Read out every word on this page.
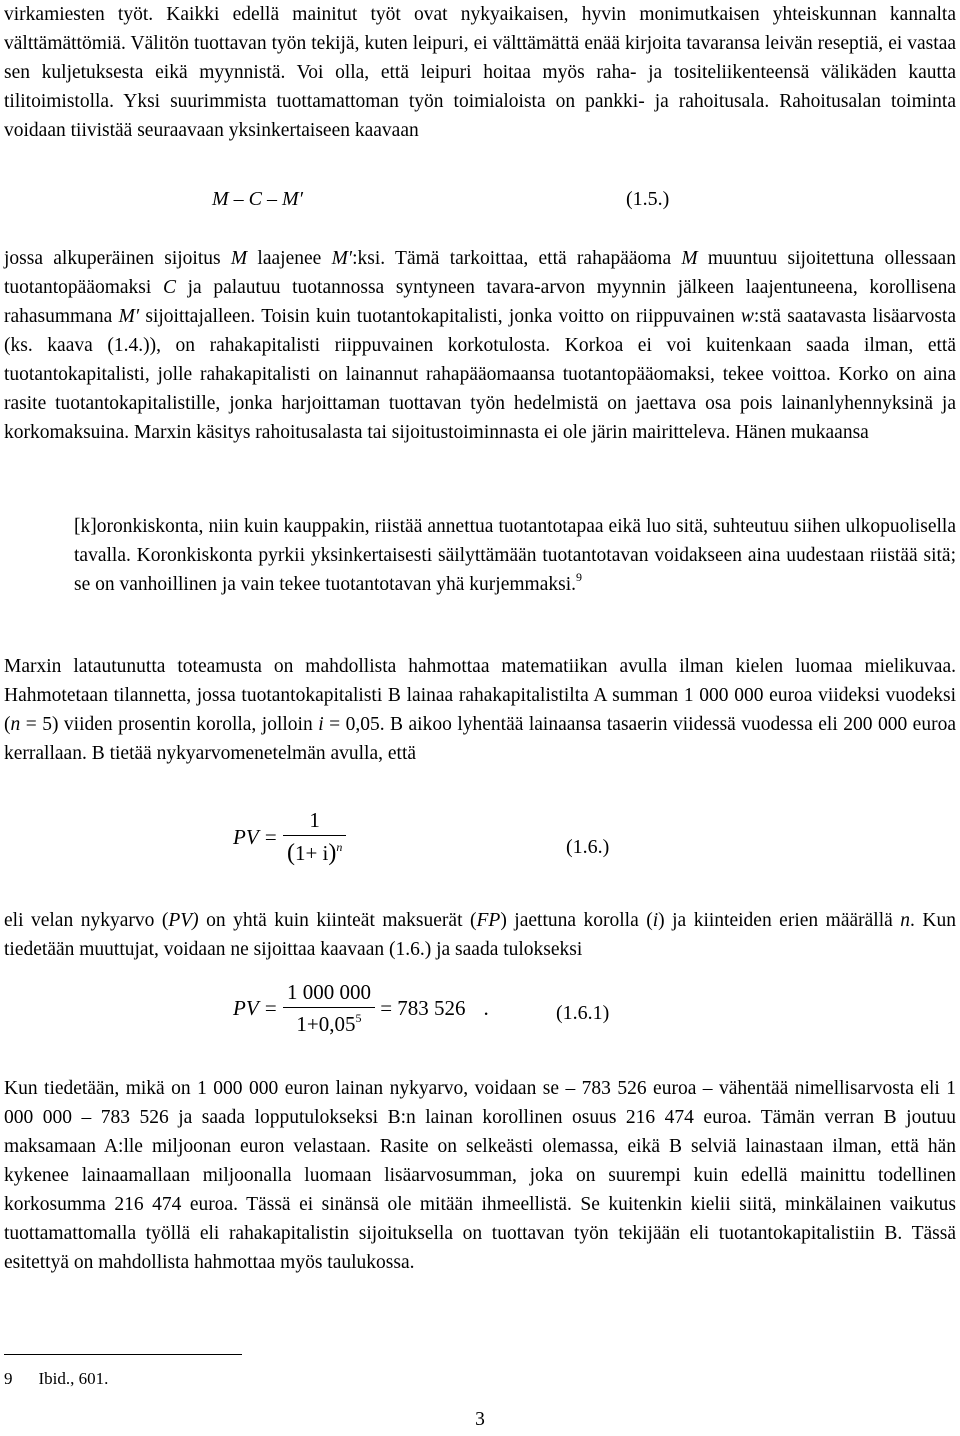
virkamiesten työt. Kaikki edellä mainitut työt ovat nykyaikaisen, hyvin monimutkaisen yhteiskunnan kannalta välttämättömiä. Välitön tuottavan työn tekijä, kuten leipuri, ei välttämättä enää kirjoita tavaransa leivän reseptiä, ei vastaa sen kuljetuksesta eikä myynnistä. Voi olla, että leipuri hoitaa myös raha- ja tositeliikenteensä välikäden kautta tilitoimistolla. Yksi suurimmista tuottamattoman työn toimialoista on pankki- ja rahoitusala. Rahoitusalan toiminta voidaan tiivistää seuraavaan yksinkertaiseen kaavaan

M – C – M′	(1.5.)

jossa alkuperäinen sijoitus M laajenee M′:ksi. Tämä tarkoittaa, että rahapääoma M muuntuu sijoitettuna ollessaan tuotantopääomaksi C ja palautuu tuotannossa syntyneen tavara-arvon myynnin jälkeen laajentuneena, korollisena rahasummana M′ sijoittajalleen. Toisin kuin tuotantokapitalisti, jonka voitto on riippuvainen w:stä saatavasta lisäarvosta (ks. kaava (1.4.)), on rahakapitalisti riippuvainen korkotulosta. Korkoa ei voi kuitenkaan saada ilman, että tuotantokapitalisti, jolle rahakapitalisti on lainannut rahapääomaansa tuotantopääomaksi, tekee voittoa. Korko on aina rasite tuotantokapitalistille, jonka harjoittaman tuottavan työn hedelmistä on jaettava osa pois lainanlyhennyksinä ja korkomaksuina. Marxin käsitys rahoitusalasta tai sijoitustoiminnasta ei ole järin mairitteleva. Hänen mukaansa

[k]oronkiskonta, niin kuin kauppakin, riistää annettua tuotantotapaa eikä luo sitä, suhteutuu siihen ulkopuolisella tavalla. Koronkiskonta pyrkii yksinkertaisesti säilyttämään tuotantotavan voidakseen aina uudestaan riistää sitä; se on vanhoillinen ja vain tekee tuotantotavan yhä kurjemmaksi.$^9$

Marxin latautunutta toteamusta on mahdollista hahmottaa matematiikan avulla ilman kielen luomaa mielikuvaa. Hahmotetaan tilannetta, jossa tuotantokapitalisti B lainaa rahakapitalistilta A summan 1 000 000 euroa viideksi vuodeksi (n = 5) viiden prosentin korolla, jolloin i = 0,05. B aikoo lyhentää lainaansa tasaerin viidessä vuodessa eli 200 000 euroa kerrallaan. B tietää nykyarvomenetelmän avulla, että

PV = $\frac{1}{(1+ i)^n}$	(1.6.)

eli velan nykyarvo (PV) on yhtä kuin kiinteät maksuerät (FP) jaettuna korolla (i) ja kiinteiden erien määrällä n. Kun tiedetään muuttujat, voidaan ne sijoittaa kaavaan (1.6.) ja saada tulokseksi

PV = $\frac{1 000 000}{1+0,05^5} = 783$ 526 .	(1.6.1)

Kun tiedetään, mikä on 1 000 000 euron lainan nykyarvo, voidaan se – 783 526 euroa – vähentää nimellisarvosta eli 1 000 000 – 783 526 ja saada lopputulokseksi B:n lainan korollinen osuus 216 474 euroa. Tämän verran B joutuu maksamaan A:lle miljoonan euron velastaan. Rasite on selkeästi olemassa, eikä B selviä lainastaan ilman, että hän kykenee lainaamallaan miljoonalla luomaan lisäarvosumman, joka on suurempi kuin edellä mainittu todellinen korkosumma 216 474 euroa. Tässä ei sinänsä ole mitään ihmeellistä. Se kuitenkin kielii siitä, minkälainen vaikutus tuottamattomalla työllä eli rahakapitalistin sijoituksella on tuottavan työn tekijään eli tuotantokapitalistiin B. Tässä esitettyä on mahdollista hahmottaa myös taulukossa.

9 Ibid., 601.
3
